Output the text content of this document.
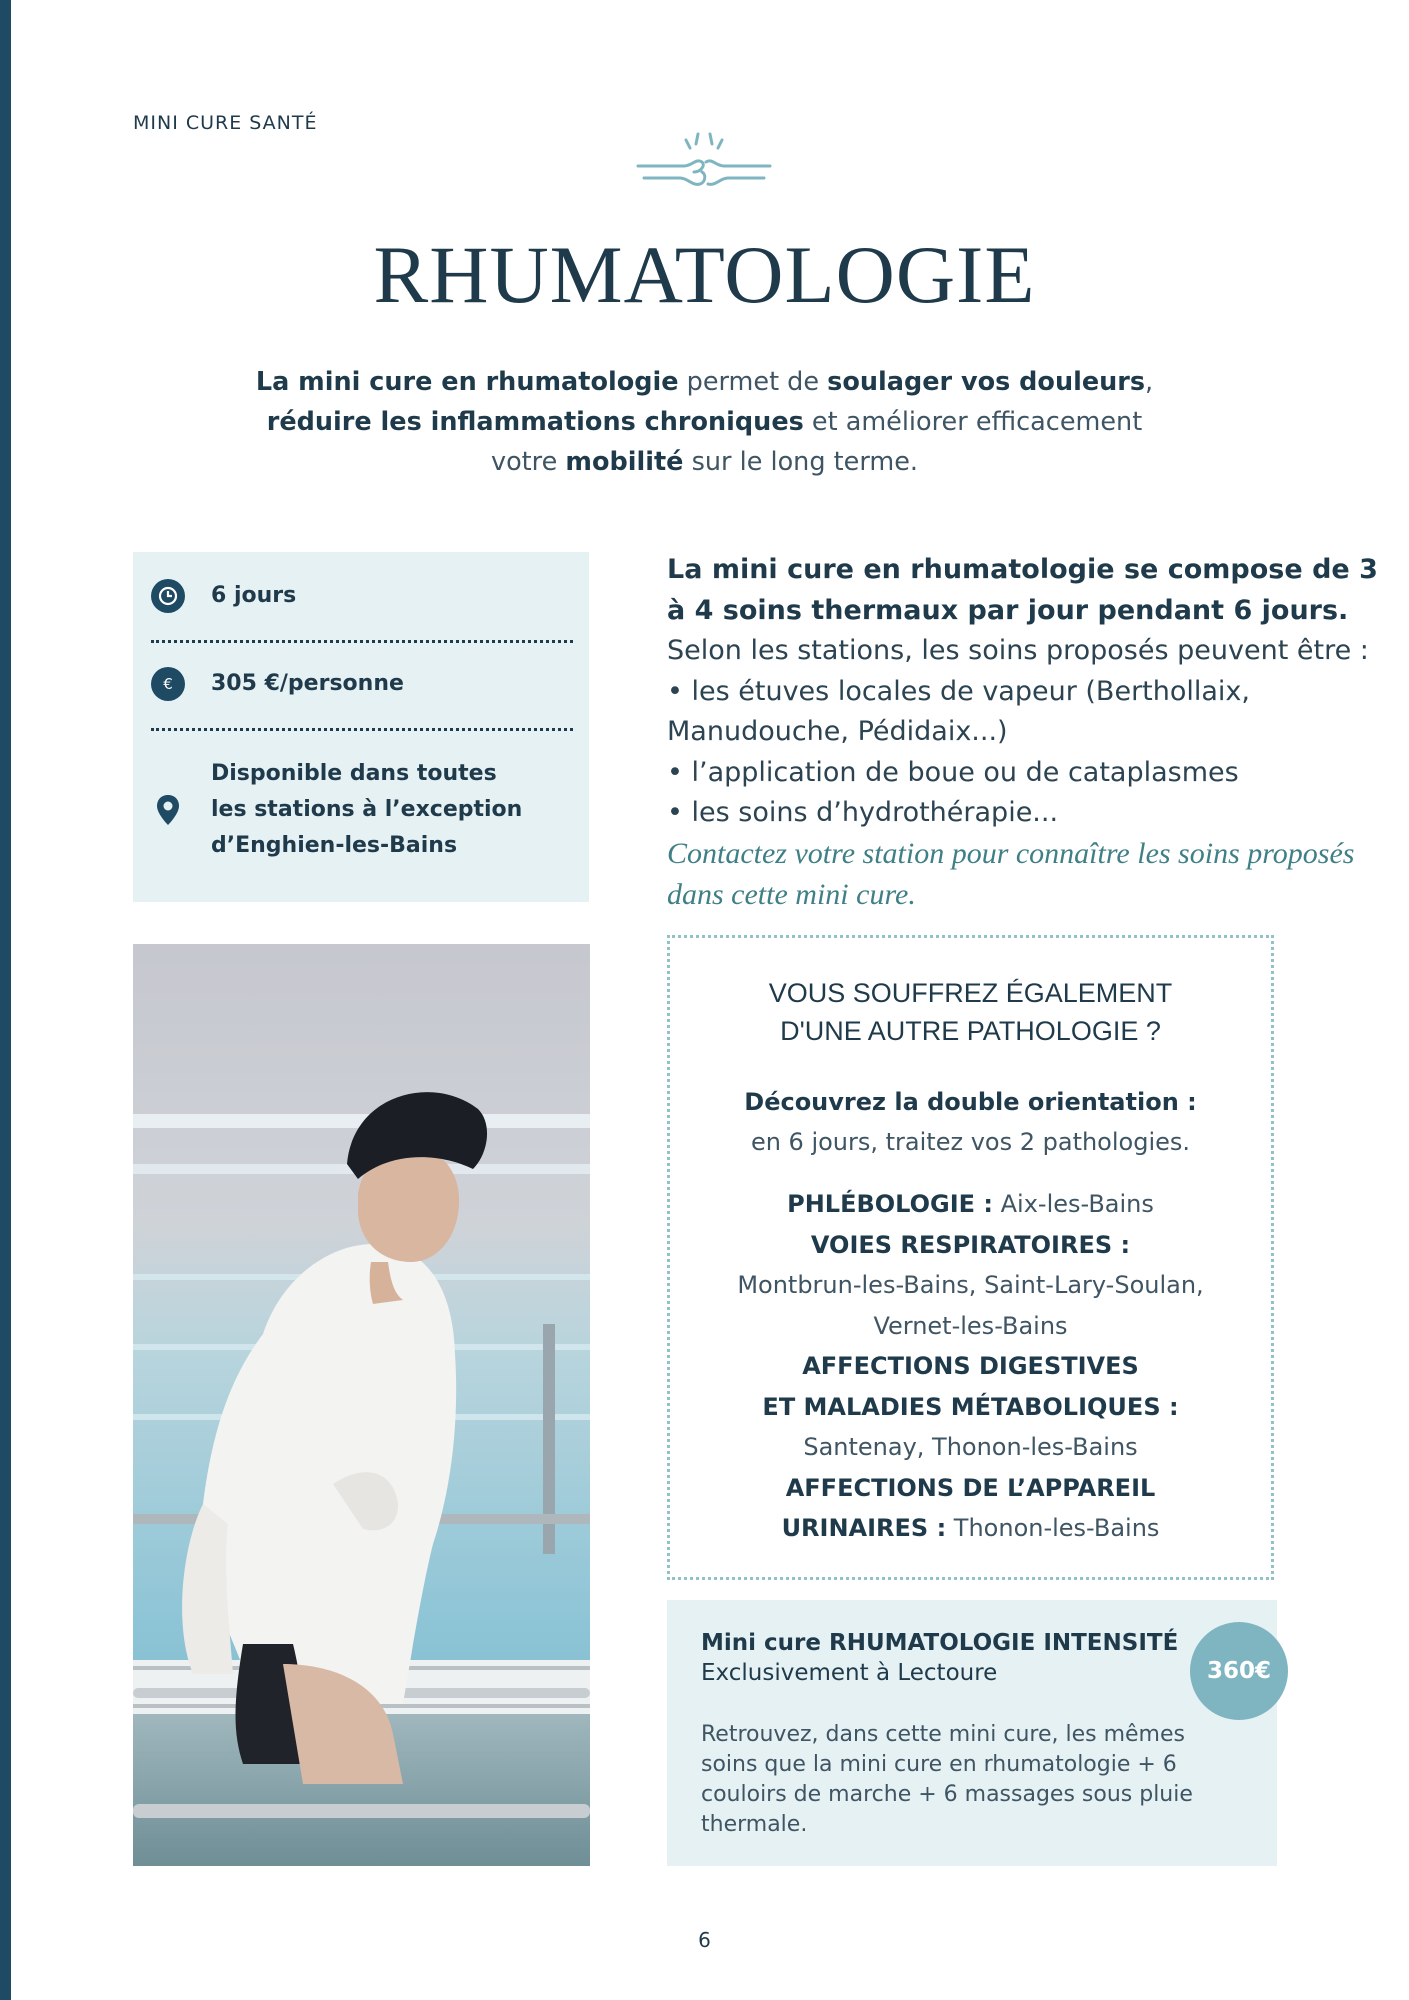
MINI CURE SANTÉ
RHUMATOLOGIE
La mini cure en rhumatologie permet de soulager vos douleurs,
réduire les inflammations chroniques et améliorer efficacement
votre mobilité sur le long terme.
6 jours
€ 305 €/personne
Disponible dans toutes
les stations à l’exception
d’Enghien-les-Bains
La mini cure en rhumatologie se compose de 3
à 4 soins thermaux par jour pendant 6 jours.
Selon les stations, les soins proposés peuvent être :
• les étuves locales de vapeur (Berthollaix,
Manudouche, Pédidaix...)
• l’application de boue ou de cataplasmes
• les soins d’hydrothérapie...
Contactez votre station pour connaître les soins proposés
dans cette mini cure.
VOUS SOUFFREZ ÉGALEMENT
D'UNE AUTRE PATHOLOGIE ?
Découvrez la double orientation :
en 6 jours, traitez vos 2 pathologies.
PHLÉBOLOGIE : Aix-les-Bains
VOIES RESPIRATOIRES :
Montbrun-les-Bains, Saint-Lary-Soulan,
Vernet-les-Bains
AFFECTIONS DIGESTIVES
ET MALADIES MÉTABOLIQUES :
Santenay, Thonon-les-Bains
AFFECTIONS DE L’APPAREIL
URINAIRES : Thonon-les-Bains
Mini cure RHUMATOLOGIE INTENSITÉ
Exclusivement à Lectoure
Retrouvez, dans cette mini cure, les mêmes soins que la mini cure en rhumatologie + 6 couloirs de marche + 6 massages sous pluie thermale.
360€
6
